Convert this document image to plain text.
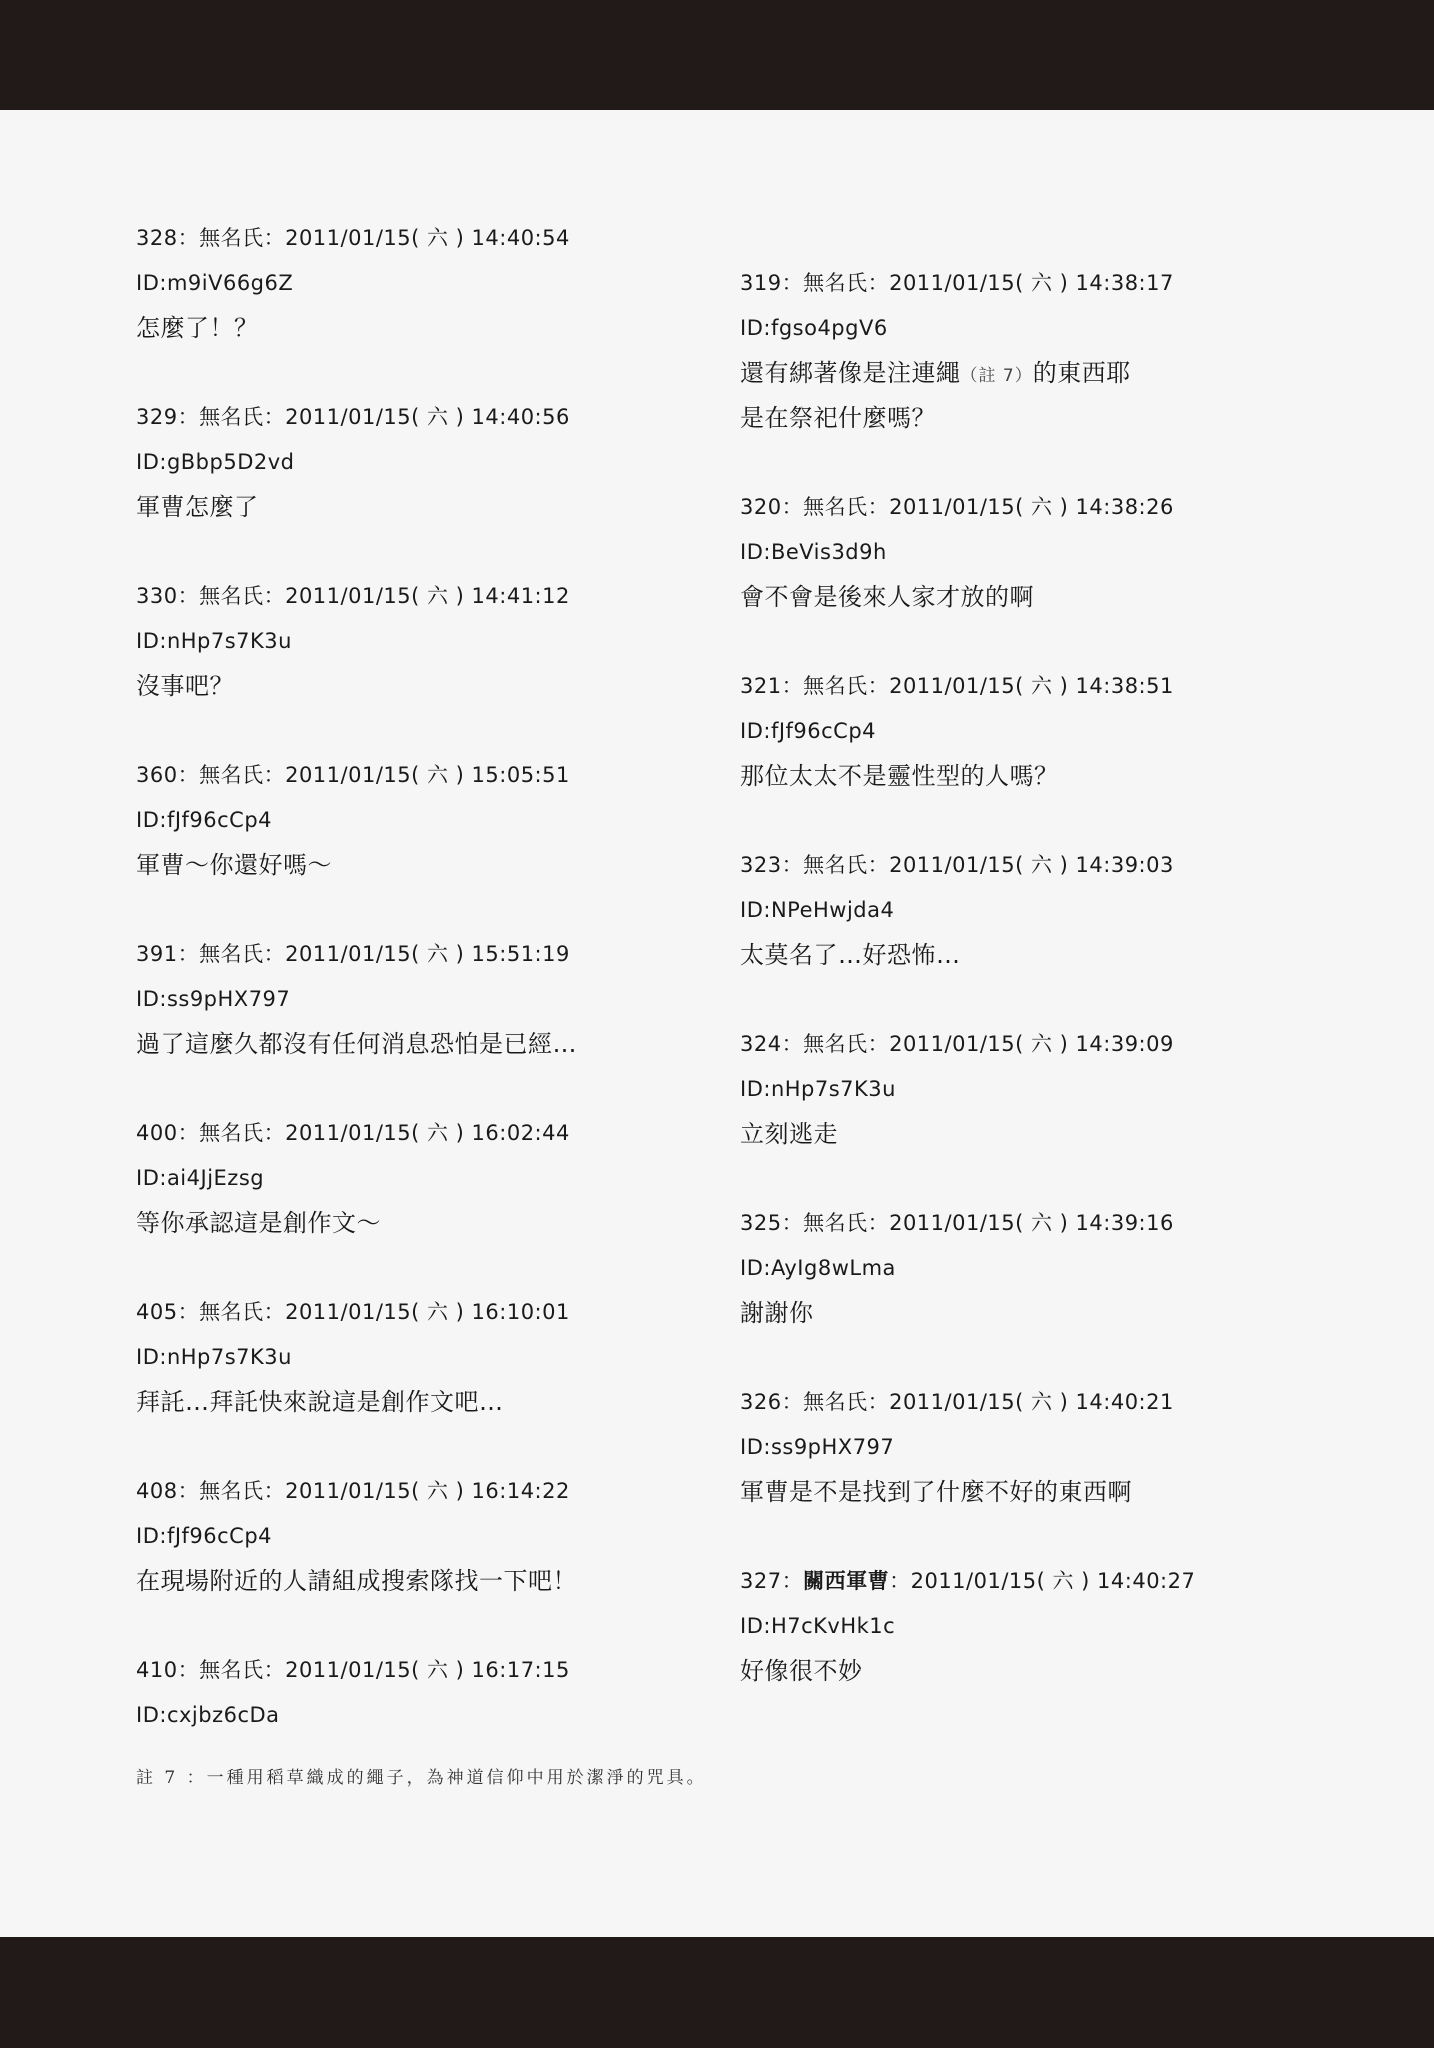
328：無名氏：2011/01/15( 六 ) 14:40:54
ID:m9iV66g6Z
怎麼了！？
329：無名氏：2011/01/15( 六 ) 14:40:56
ID:gBbp5D2vd
軍曹怎麼了
330：無名氏：2011/01/15( 六 ) 14:41:12
ID:nHp7s7K3u
沒事吧？
360：無名氏：2011/01/15( 六 ) 15:05:51
ID:fJf96cCp4
軍曹～你還好嗎～
391：無名氏：2011/01/15( 六 ) 15:51:19
ID:ss9pHX797
過了這麼久都沒有任何消息恐怕是已經…
400：無名氏：2011/01/15( 六 ) 16:02:44
ID:ai4JjEzsg
等你承認這是創作文～
405：無名氏：2011/01/15( 六 ) 16:10:01
ID:nHp7s7K3u
拜託…拜託快來說這是創作文吧…
408：無名氏：2011/01/15( 六 ) 16:14:22
ID:fJf96cCp4
在現場附近的人請組成搜索隊找一下吧！
410：無名氏：2011/01/15( 六 ) 16:17:15
ID:cxjbz6cDa
319：無名氏：2011/01/15( 六 ) 14:38:17
ID:fgso4pgV6
還有綁著像是注連繩（註 7）的東西耶
是在祭祀什麼嗎？
320：無名氏：2011/01/15( 六 ) 14:38:26
ID:BeVis3d9h
會不會是後來人家才放的啊
321：無名氏：2011/01/15( 六 ) 14:38:51
ID:fJf96cCp4
那位太太不是靈性型的人嗎？
323：無名氏：2011/01/15( 六 ) 14:39:03
ID:NPeHwjda4
太莫名了…好恐怖…
324：無名氏：2011/01/15( 六 ) 14:39:09
ID:nHp7s7K3u
立刻逃走
325：無名氏：2011/01/15( 六 ) 14:39:16
ID:AyIg8wLma
謝謝你
326：無名氏：2011/01/15( 六 ) 14:40:21
ID:ss9pHX797
軍曹是不是找到了什麼不好的東西啊
327：關西軍曹：2011/01/15( 六 ) 14:40:27
ID:H7cKvHk1c
好像很不妙
註 7 ：一種用稻草織成的繩子，為神道信仰中用於潔淨的咒具。
